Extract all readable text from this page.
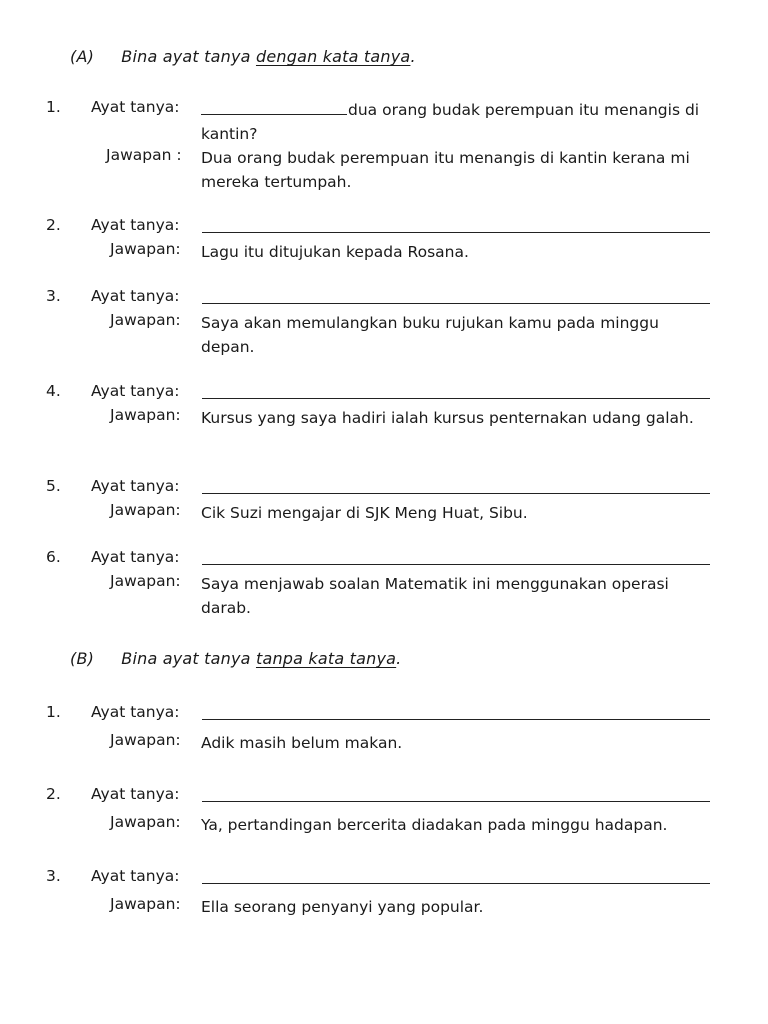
(A) Bina ayat tanya dengan kata tanya.
1. Ayat tanya:	dua orang budak perempuan itu menangis di kantin?
Jawapan : Dua orang budak perempuan itu menangis di kantin kerana mi mereka tertumpah.
2. Ayat tanya:
Jawapan: Lagu itu ditujukan kepada Rosana.
3. Ayat tanya:
Jawapan: Saya akan memulangkan buku rujukan kamu pada minggu depan.
4. Ayat tanya:
Jawapan: Kursus yang saya hadiri ialah kursus penternakan udang galah.
5. Ayat tanya:
Jawapan: Cik Suzi mengajar di SJK Meng Huat, Sibu.
6. Ayat tanya:
Jawapan: Saya menjawab soalan Matematik ini menggunakan operasi darab.
(B) Bina ayat tanya tanpa kata tanya.
1. Ayat tanya:
Jawapan: Adik masih belum makan.
2. Ayat tanya:
Jawapan: Ya, pertandingan bercerita diadakan pada minggu hadapan.
3. Ayat tanya:
Jawapan: Ella seorang penyanyi yang popular.
